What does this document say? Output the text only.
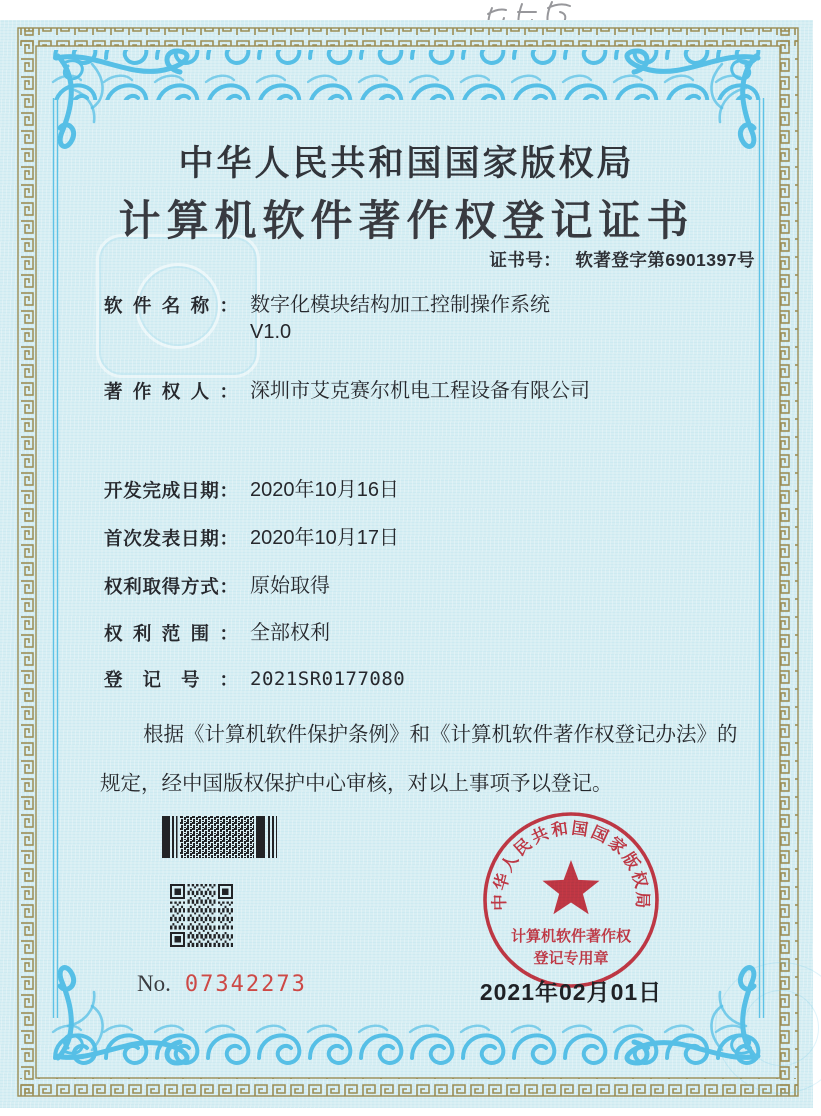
中华人民共和国国家版权局
计算机软件著作权登记证书
证书号： 软著登字第6901397号
软件名称： 数字化模块结构加工控制操作系统
V1.0
著作权人： 深圳市艾克赛尔机电工程设备有限公司
开发完成日期： 2020年10月16日
首次发表日期： 2020年10月17日
权利取得方式： 原始取得
权利范围： 全部权利
登记号： 2021SR0177080
根据《计算机软件保护条例》和《计算机软件著作权登记办法》的
规定，经中国版权保护中心审核，对以上事项予以登记。
No. 07342273
中华人民共和国国家版权局
计算机软件著作权
登记专用章
2021年02月01日
